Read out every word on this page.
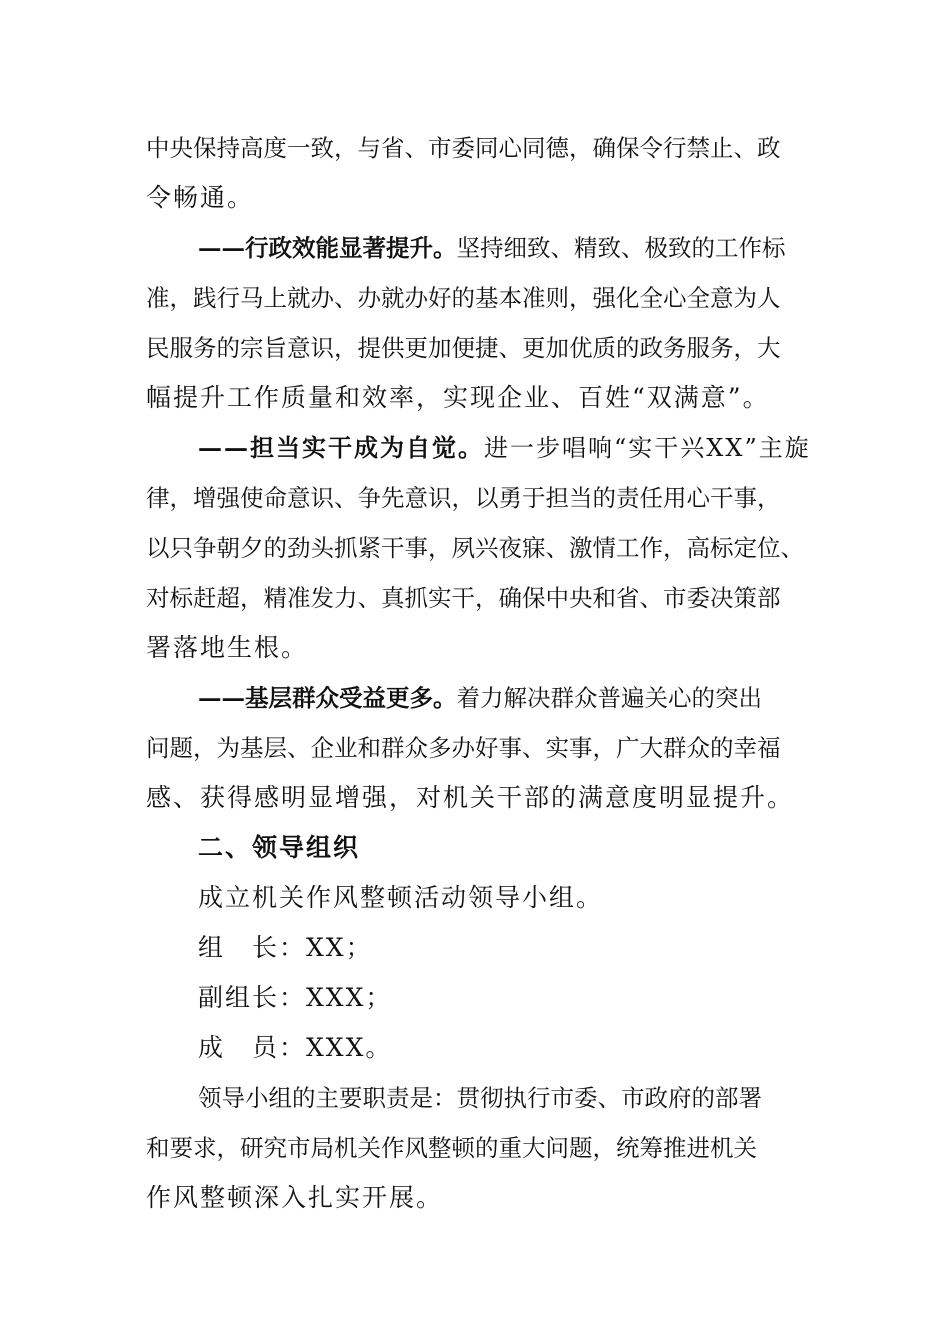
中央保持高度一致，与省、市委同心同德，确保令行禁止、政
令畅通。
——行政效能显著提升。坚持细致、精致、极致的工作标
准，践行马上就办、办就办好的基本准则，强化全心全意为人
民服务的宗旨意识，提供更加便捷、更加优质的政务服务，大
幅提升工作质量和效率，实现企业、百姓“双满意”。
——担当实干成为自觉。进一步唱响“实干兴XX”主旋
律，增强使命意识、争先意识，以勇于担当的责任用心干事，
以只争朝夕的劲头抓紧干事，夙兴夜寐、激情工作，高标定位、
对标赶超，精准发力、真抓实干，确保中央和省、市委决策部
署落地生根。
——基层群众受益更多。着力解决群众普遍关心的突出
问题，为基层、企业和群众多办好事、实事，广大群众的幸福
感、获得感明显增强，对机关干部的满意度明显提升。
二、领导组织
成立机关作风整顿活动领导小组。
组　长：XX；
副组长：XXX；
成　员：XXX。
领导小组的主要职责是：贯彻执行市委、市政府的部署
和要求，研究市局机关作风整顿的重大问题，统筹推进机关
作风整顿深入扎实开展。
